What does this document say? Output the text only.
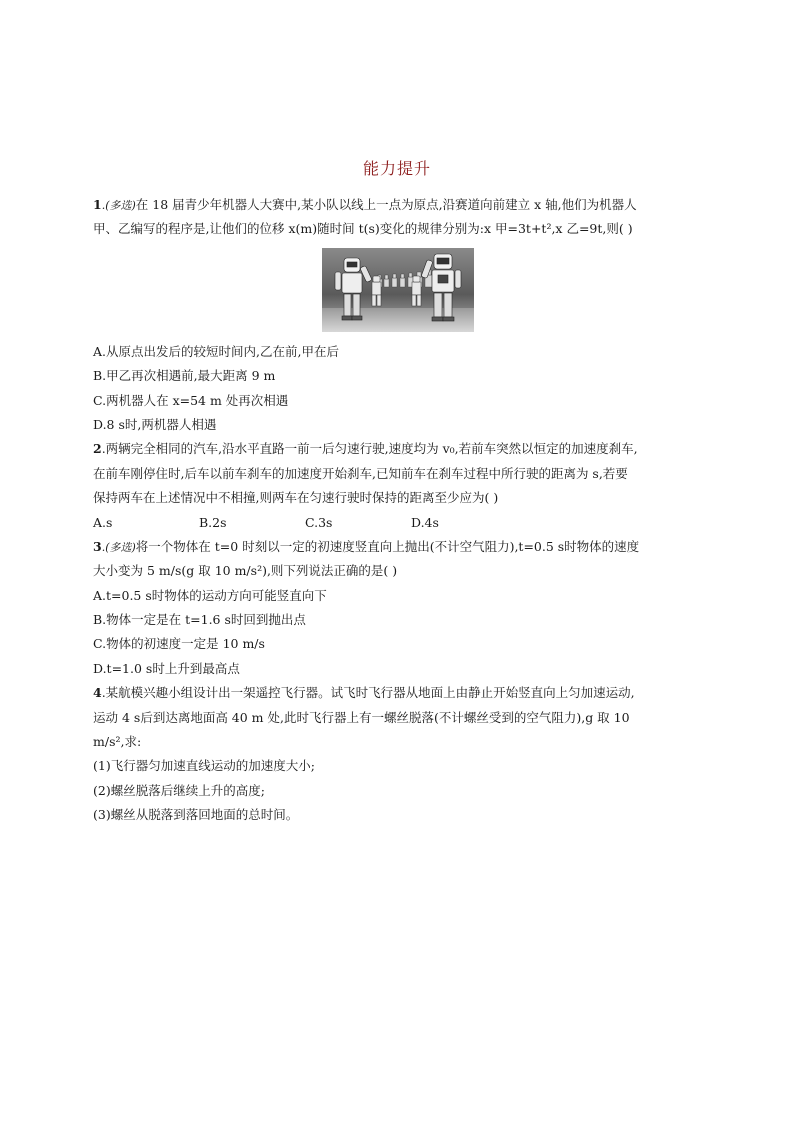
能力提升
1.(多选)在 18 届青少年机器人大赛中,某小队以线上一点为原点,沿赛道向前建立 x 轴,他们为机器人
甲、乙编写的程序是,让他们的位移 x(m)随时间 t(s)变化的规律分别为:x 甲=3t+t²,x 乙=9t,则( )
A.从原点出发后的较短时间内,乙在前,甲在后
B.甲乙再次相遇前,最大距离 9 m
C.两机器人在 x=54 m 处再次相遇
D.8 s时,两机器人相遇
2.两辆完全相同的汽车,沿水平直路一前一后匀速行驶,速度均为 v₀,若前车突然以恒定的加速度刹车,
在前车刚停住时,后车以前车刹车的加速度开始刹车,已知前车在刹车过程中所行驶的距离为 s,若要
保持两车在上述情况中不相撞,则两车在匀速行驶时保持的距离至少应为( )
A.s	B.2s	C.3s	D.4s
3.(多选)将一个物体在 t=0 时刻以一定的初速度竖直向上抛出(不计空气阻力),t=0.5 s时物体的速度
大小变为 5 m/s(g 取 10 m/s²),则下列说法正确的是( )
A.t=0.5 s时物体的运动方向可能竖直向下
B.物体一定是在 t=1.6 s时回到抛出点
C.物体的初速度一定是 10 m/s
D.t=1.0 s时上升到最高点
4.某航模兴趣小组设计出一架遥控飞行器。试飞时飞行器从地面上由静止开始竖直向上匀加速运动,
运动 4 s后到达离地面高 40 m 处,此时飞行器上有一螺丝脱落(不计螺丝受到的空气阻力),g 取 10
m/s²,求:
(1)飞行器匀加速直线运动的加速度大小;
(2)螺丝脱落后继续上升的高度;
(3)螺丝从脱落到落回地面的总时间。
